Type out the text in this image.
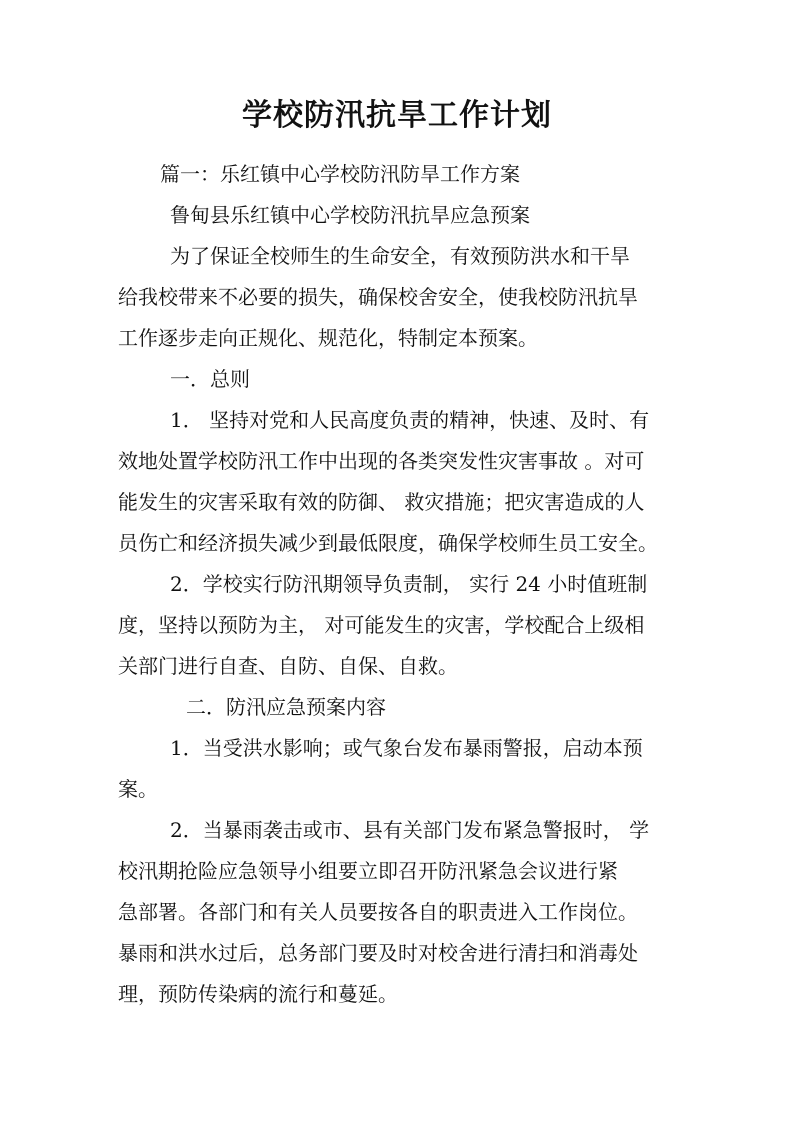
学校防汛抗旱工作计划
篇一：乐红镇中心学校防汛防旱工作方案
鲁甸县乐红镇中心学校防汛抗旱应急预案
为了保证全校师生的生命安全，有效预防洪水和干旱
给我校带来不必要的损失，确保校舍安全，使我校防汛抗旱
工作逐步走向正规化、规范化，特制定本预案。
一．总则
1． 坚持对党和人民高度负责的精神，快速、及时、有
效地处置学校防汛工作中出现的各类突发性灾害事故 。对可
能发生的灾害采取有效的防御、 救灾措施；把灾害造成的人
员伤亡和经济损失减少到最低限度，确保学校师生员工安全。
2．学校实行防汛期领导负责制， 实行 24 小时值班制
度，坚持以预防为主， 对可能发生的灾害，学校配合上级相
关部门进行自查、自防、自保、自救。
二．防汛应急预案内容
1．当受洪水影响；或气象台发布暴雨警报，启动本预
案。
2．当暴雨袭击或市、县有关部门发布紧急警报时， 学
校汛期抢险应急领导小组要立即召开防汛紧急会议进行紧
急部署。各部门和有关人员要按各自的职责进入工作岗位。
暴雨和洪水过后，总务部门要及时对校舍进行清扫和消毒处
理，预防传染病的流行和蔓延。
